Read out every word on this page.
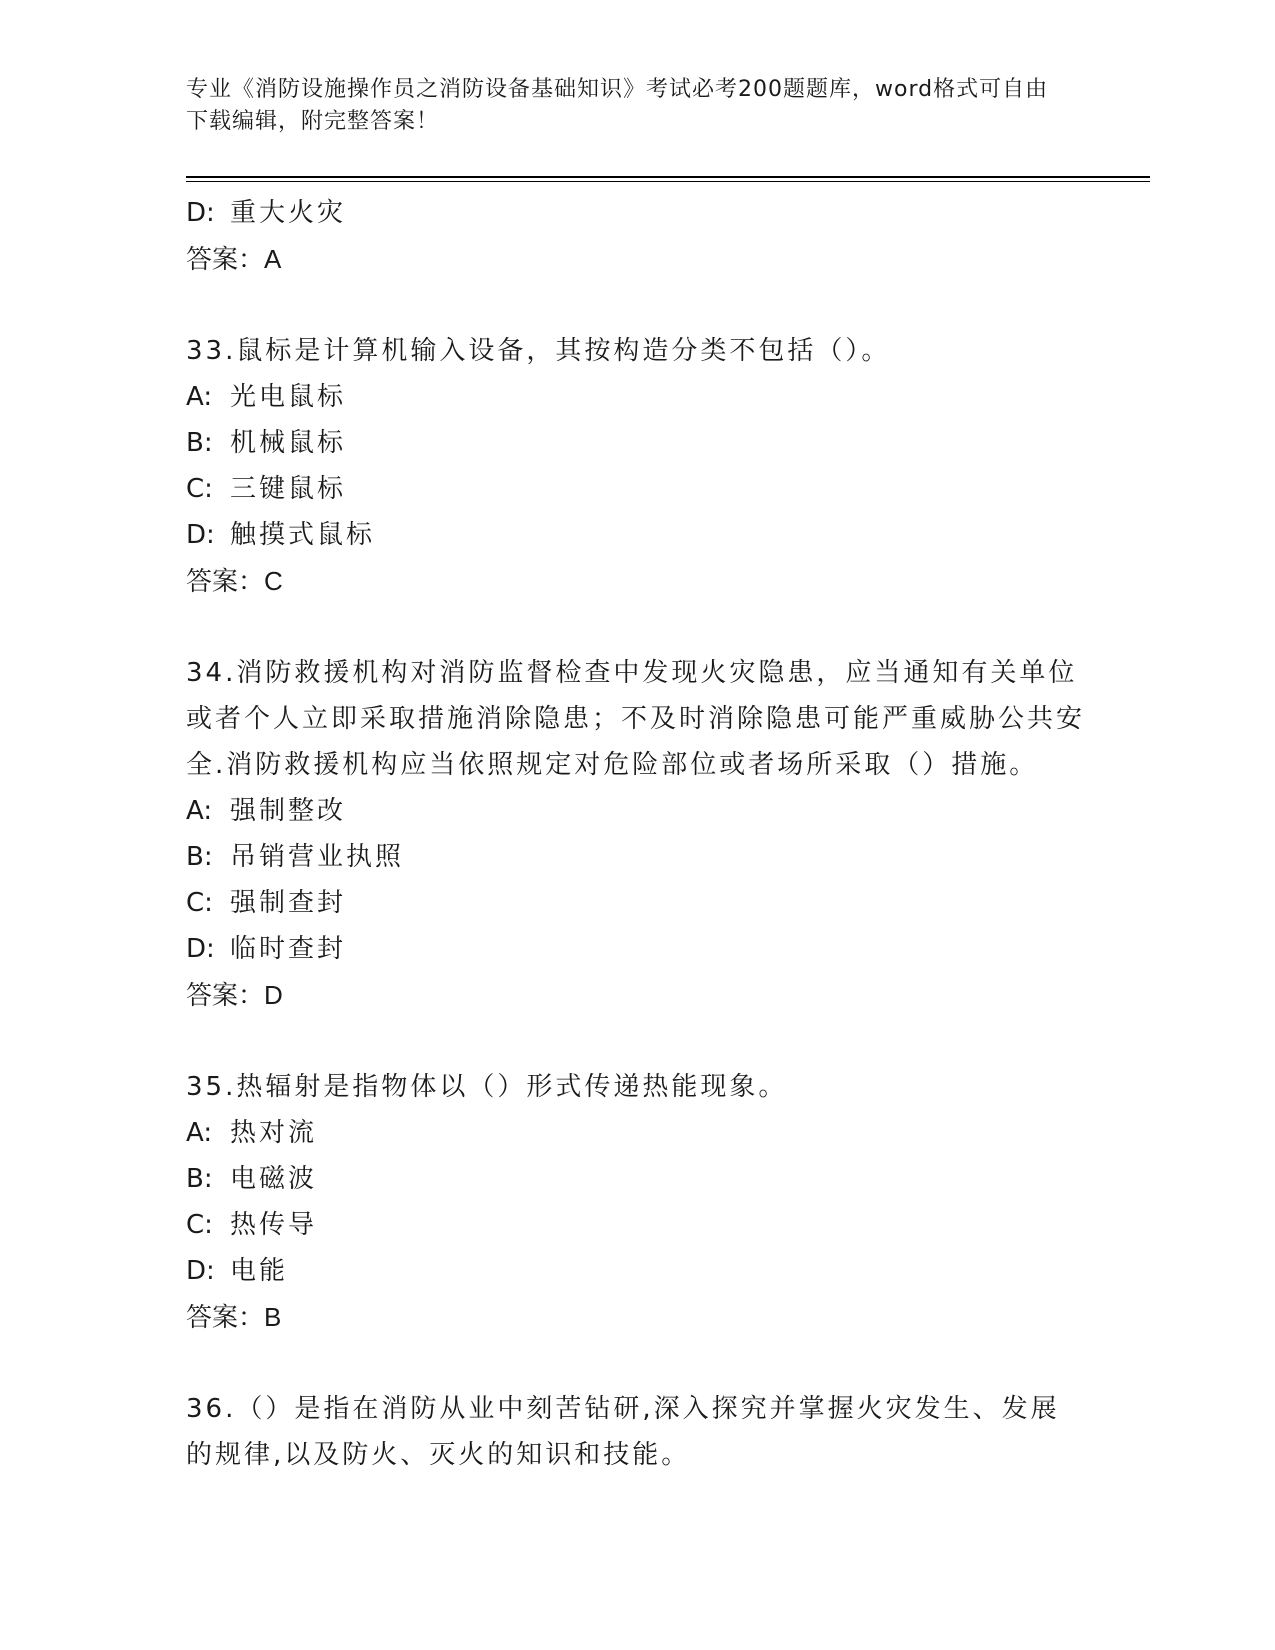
专业《消防设施操作员之消防设备基础知识》考试必考200题题库，word格式可自由下载编辑，附完整答案！
D: 重大火灾
答案：A
33.鼠标是计算机输入设备，其按构造分类不包括（）。
A: 光电鼠标
B: 机械鼠标
C: 三键鼠标
D: 触摸式鼠标
答案：C
34.消防救援机构对消防监督检查中发现火灾隐患，应当通知有关单位或者个人立即采取措施消除隐患；不及时消除隐患可能严重威胁公共安全.消防救援机构应当依照规定对危险部位或者场所采取（）措施。
A: 强制整改
B: 吊销营业执照
C: 强制查封
D: 临时查封
答案：D
35.热辐射是指物体以（）形式传递热能现象。
A: 热对流
B: 电磁波
C: 热传导
D: 电能
答案：B
36.（）是指在消防从业中刻苦钻研,深入探究并掌握火灾发生、发展的规律,以及防火、灭火的知识和技能。
